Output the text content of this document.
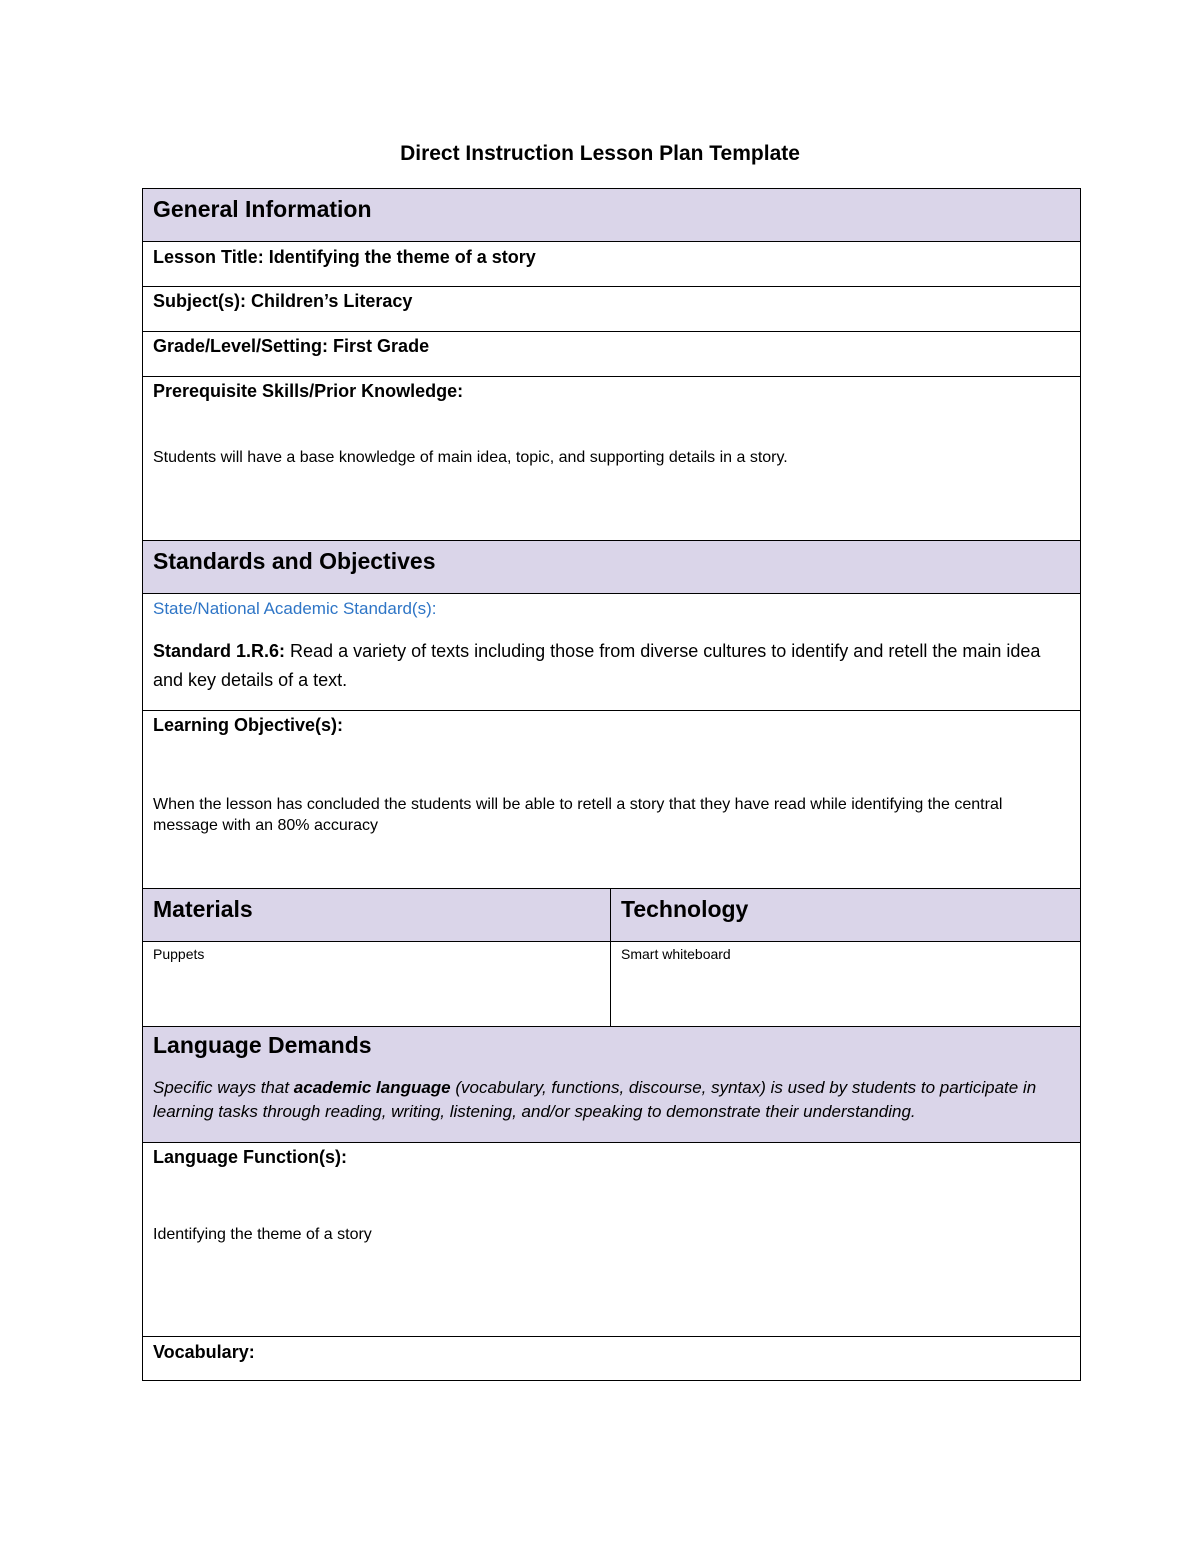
Direct Instruction Lesson Plan Template
General Information
Lesson Title: Identifying the theme of a story
Subject(s): Children’s Literacy
Grade/Level/Setting: First Grade
Prerequisite Skills/Prior Knowledge:
Students will have a base knowledge of main idea, topic, and supporting details in a story.
Standards and Objectives
State/National Academic Standard(s):
Standard 1.R.6: Read a variety of texts including those from diverse cultures to identify and retell the main idea and key details of a text.
Learning Objective(s):
When the lesson has concluded the students will be able to retell a story that they have read while identifying the central message with an 80% accuracy
Materials	Technology
Puppets	Smart whiteboard
Language Demands
Specific ways that academic language (vocabulary, functions, discourse, syntax) is used by students to participate in learning tasks through reading, writing, listening, and/or speaking to demonstrate their understanding.
Language Function(s):
Identifying the theme of a story
Vocabulary:
